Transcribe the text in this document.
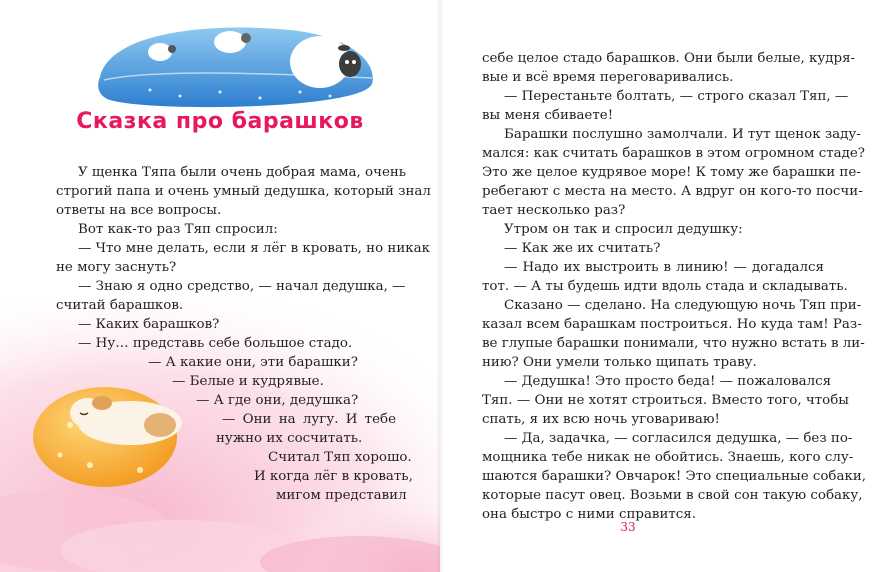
Сказка про барашков
У щенка Тяпа были очень добрая мама, очень
строгий папа и очень умный дедушка, который знал
ответы на все вопросы.
Вот как-то раз Тяп спросил:
— Что мне делать, если я лёг в кровать, но никак
не могу заснуть?
— Знаю я одно средство, — начал дедушка, —
считай барашков.
— Каких барашков?
— Ну… представь себе большое стадо.
— А какие они, эти барашки?
— Белые и кудрявые.
— А где они, дедушка?
— Они на лугу. И тебе
нужно их сосчитать.
Считал Тяп хорошо.
И когда лёг в кровать,
мигом представил
себе целое стадо барашков. Они были белые, кудря-
вые и всё время переговаривались.
— Перестаньте болтать, — строго сказал Тяп, —
вы меня сбиваете!
Барашки послушно замолчали. И тут щенок заду-
мался: как считать барашков в этом огромном стаде?
Это же целое кудрявое море! К тому же барашки пе-
ребегают с места на место. А вдруг он кого-то посчи-
тает несколько раз?
Утром он так и спросил дедушку:
— Как же их считать?
— Надо их выстроить в линию! — догадался
тот. — А ты будешь идти вдоль стада и складывать.
Сказано — сделано. На следующую ночь Тяп при-
казал всем барашкам построиться. Но куда там! Раз-
ве глупые барашки понимали, что нужно встать в ли-
нию? Они умели только щипать траву.
— Дедушка! Это просто беда! — пожаловался
Тяп. — Они не хотят строиться. Вместо того, чтобы
спать, я их всю ночь уговариваю!
— Да, задачка, — согласился дедушка, — без по-
мощника тебе никак не обойтись. Знаешь, кого слу-
шаются барашки? Овчарок! Это специальные собаки,
которые пасут овец. Возьми в свой сон такую собаку,
она быстро с ними справится.
33
